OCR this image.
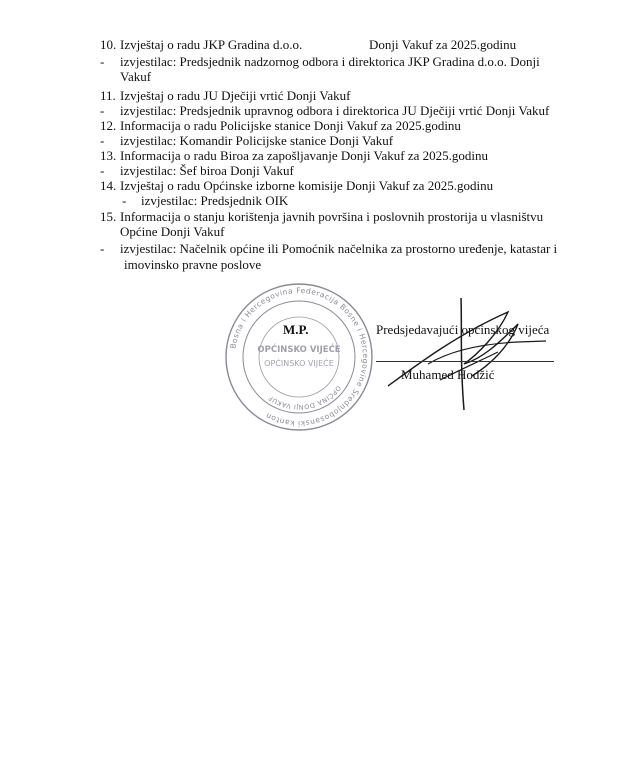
10. Izvještaj o radu JKP Gradina d.o.o.	Donji Vakuf za 2025.godinu
- izvjestilac: Predsjednik nadzornog odbora i direktorica JKP Gradina d.o.o. Donji
Vakuf
11. Izvještaj o radu JU Dječiji vrtić Donji Vakuf
- izvjestilac: Predsjednik upravnog odbora i direktorica JU Dječiji vrtić Donji Vakuf
12. Informacija o radu Policijske stanice Donji Vakuf za 2025.godinu
- izvjestilac: Komandir Policijske stanice Donji Vakuf
13. Informacija o radu Biroa za zapošljavanje Donji Vakuf za 2025.godinu
- izvjestilac: Šef biroa Donji Vakuf
14. Izvještaj o radu Općinske izborne komisije Donji Vakuf za 2025.godinu
- izvjestilac: Predsjednik OIK
15. Informacija o stanju korištenja javnih površina i poslovnih prostorija u vlasništvu
Općine Donji Vakuf
- izvjestilac: Načelnik općine ili Pomoćnik načelnika za prostorno uređenje, katastar i
imovinsko pravne poslove
Bosna i Hercegovina Federacija Bosne i Hercegovine Srednjobosanski kanton
OPĆINA DONJI VAKUF
OPĆINSKO VIJEĆE
OPĆINSKO VIJEĆE
M.P.	Predsjedavajući općinskog vijeća
Muhamed Hodžić
